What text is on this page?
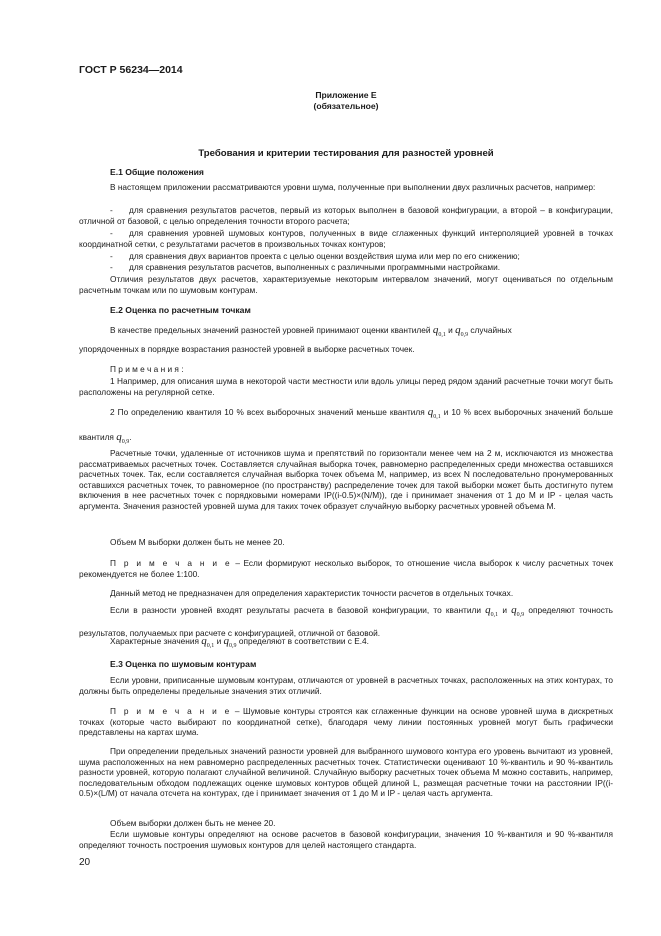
ГОСТ Р 56234—2014
Приложение Е
(обязательное)
Требования и критерии тестирования для разностей уровней
Е.1 Общие положения
В настоящем приложении рассматриваются уровни шума, полученные при выполнении двух различных расчетов, например:
- для сравнения результатов расчетов, первый из которых выполнен в базовой конфигурации, а второй – в конфигурации, отличной от базовой, с целью определения точности второго расчета;
- для сравнения уровней шумовых контуров, полученных в виде сглаженных функций интерполяцией уровней в точках координатной сетки, с результатами расчетов в произвольных точках контуров;
- для сравнения двух вариантов проекта с целью оценки воздействия шума или мер по его снижению;
- для сравнения результатов расчетов, выполненных с различными программными настройками.
Отличия результатов двух расчетов, характеризуемые некоторым интервалом значений, могут оцениваться по отдельным расчетным точкам или по шумовым контурам.
Е.2 Оценка по расчетным точкам
В качестве предельных значений разностей уровней принимают оценки квантилей $q_{0,1}$ и $q_{0,9}$ случайных
упорядоченных в порядке возрастания разностей уровней в выборке расчетных точек.
П р и м е ч а н и я :
1 Например, для описания шума в некоторой части местности или вдоль улицы перед рядом зданий расчетные точки могут быть расположены на регулярной сетке.
2 По определению квантиля 10 % всех выборочных значений меньше квантиля $q_{0,1}$ и 10 % всех выборочных значений больше квантиля $q_{0,9}$.
Расчетные точки, удаленные от источников шума и препятствий по горизонтали менее чем на 2 м, исключаются из множества рассматриваемых расчетных точек. Составляется случайная выборка точек, равномерно распределенных среди множества оставшихся расчетных точек. Так, если составляется случайная выборка точек объема М, например, из всех N последовательно пронумерованных оставшихся расчетных точек, то равномерное (по пространству) распределение точек для такой выборки может быть достигнуто путем включения в нее расчетных точек с порядковыми номерами IP((i-0.5)×(N/M)), где i принимает значения от 1 до M и IP - целая часть аргумента. Значения разностей уровней шума для таких точек образует случайную выборку расчетных уровней объема М.
Объем М выборки должен быть не менее 20.
П р и м е ч а н и е – Если формируют несколько выборок, то отношение числа выборок к числу расчетных точек рекомендуется не более 1:100.
Данный метод не предназначен для определения характеристик точности расчетов в отдельных точках.
Если в разности уровней входят результаты расчета в базовой конфигурации, то квантили $q_{0,1}$ и $q_{0,9}$ определяют точность результатов, получаемых при расчете с конфигурацией, отличной от базовой.
Характерные значения $q_{0,1}$ и $q_{0,9}$ определяют в соответствии с Е.4.
Е.3 Оценка по шумовым контурам
Если уровни, приписанные шумовым контурам, отличаются от уровней в расчетных точках, расположенных на этих контурах, то должны быть определены предельные значения этих отличий.
П р и м е ч а н и е – Шумовые контуры строятся как сглаженные функции на основе уровней шума в дискретных точках (которые часто выбирают по координатной сетке), благодаря чему линии постоянных уровней могут быть графически представлены на картах шума.
При определении предельных значений разности уровней для выбранного шумового контура его уровень вычитают из уровней, шума расположенных на нем равномерно распределенных расчетных точек. Статистически оценивают 10 %-квантиль и 90 %-квантиль разности уровней, которую полагают случайной величиной. Случайную выборку расчетных точек объема М можно составить, например, последовательным обходом подлежащих оценке шумовых контуров общей длиной L, размещая расчетные точки на расстоянии IP((i-0.5)×(L/M) от начала отсчета на контурах, где i принимает значения от 1 до M и IP - целая часть аргумента.
Объем выборки должен быть не менее 20.
Если шумовые контуры определяют на основе расчетов в базовой конфигурации, значения 10 %-квантиля и 90 %-квантиля определяют точность построения шумовых контуров для целей настоящего стандарта.
20
